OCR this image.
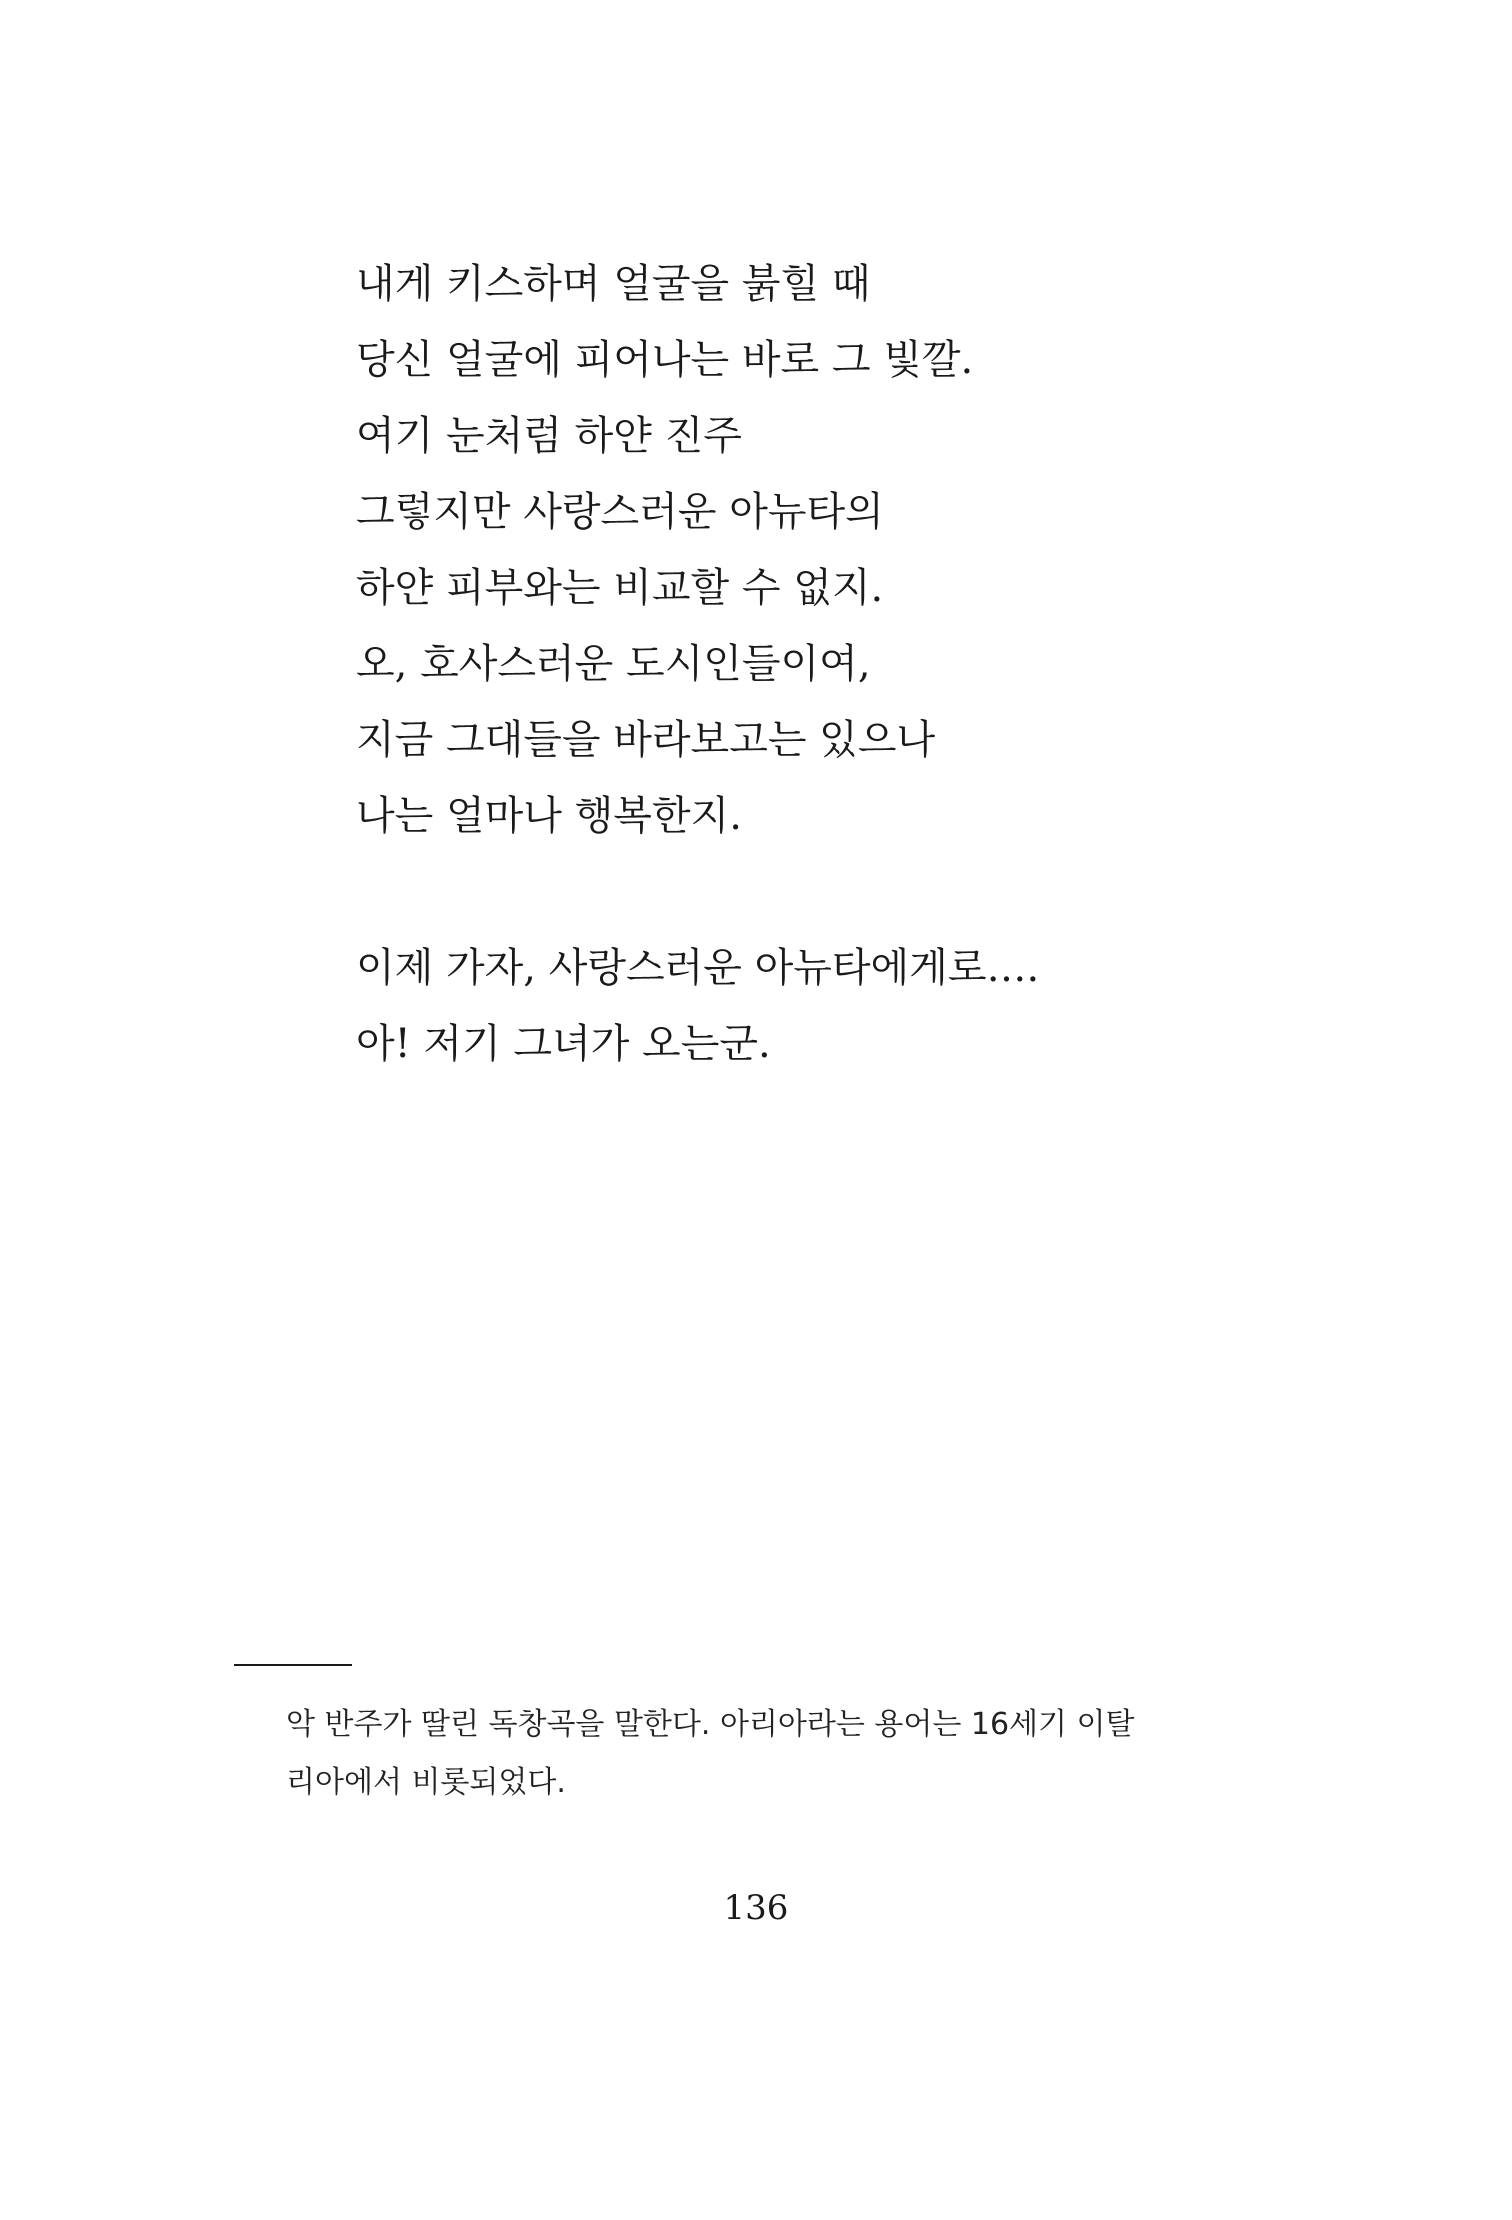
내게 키스하며 얼굴을 붉힐 때
당신 얼굴에 피어나는 바로 그 빛깔.
여기 눈처럼 하얀 진주
그렇지만 사랑스러운 아뉴타의
하얀 피부와는 비교할 수 없지.
오, 호사스러운 도시인들이여,
지금 그대들을 바라보고는 있으나
나는 얼마나 행복한지.
이제 가자, 사랑스러운 아뉴타에게로….
아! 저기 그녀가 오는군.
악 반주가 딸린 독창곡을 말한다. 아리아라는 용어는 16세기 이탈
리아에서 비롯되었다.
136
